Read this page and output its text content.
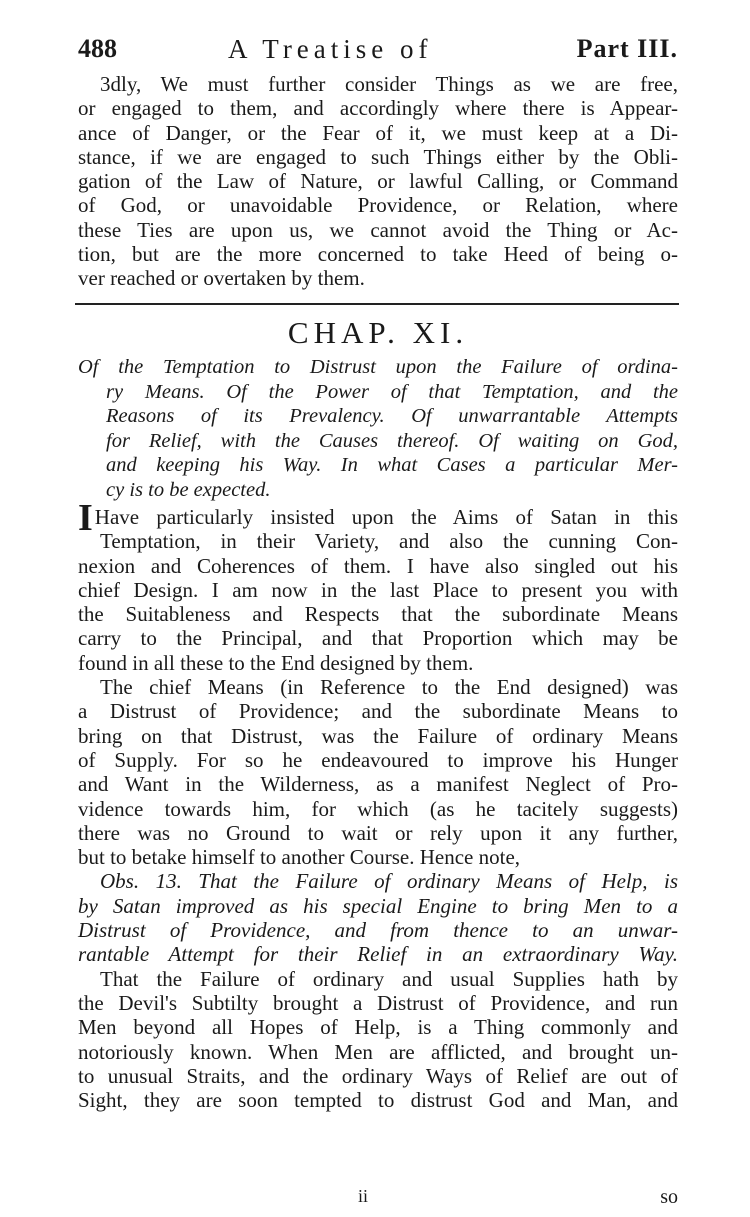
488	A Treatise of	Part III.
3dly, We must further consider Things as we are free,
or engaged to them, and accordingly where there is Appear-
ance of Danger, or the Fear of it, we must keep at a Di-
stance, if we are engaged to such Things either by the Obli-
gation of the Law of Nature, or lawful Calling, or Command
of God, or unavoidable Providence, or Relation, where
these Ties are upon us, we cannot avoid the Thing or Ac-
tion, but are the more concerned to take Heed of being o-
ver reached or overtaken by them.
CHAP. XI.
Of the Temptation to Distrust upon the Failure of ordina-
ry Means. Of the Power of that Temptation, and the
Reasons of its Prevalency. Of unwarrantable Attempts
for Relief, with the Causes thereof. Of waiting on God,
and keeping his Way. In what Cases a particular Mer-
cy is to be expected.
IHave particularly insisted upon the Aims of Satan in this
Temptation, in their Variety, and also the cunning Con-
nexion and Coherences of them. I have also singled out his
chief Design. I am now in the last Place to present you with
the Suitableness and Respects that the subordinate Means
carry to the Principal, and that Proportion which may be
found in all these to the End designed by them.
The chief Means (in Reference to the End designed) was
a Distrust of Providence; and the subordinate Means to
bring on that Distrust, was the Failure of ordinary Means
of Supply. For so he endeavoured to improve his Hunger
and Want in the Wilderness, as a manifest Neglect of Pro-
vidence towards him, for which (as he tacitely suggests)
there was no Ground to wait or rely upon it any further,
but to betake himself to another Course. Hence note,
Obs. 13. That the Failure of ordinary Means of Help, is
by Satan improved as his special Engine to bring Men to a
Distrust of Providence, and from thence to an unwar-
rantable Attempt for their Relief in an extraordinary Way.
That the Failure of ordinary and usual Supplies hath by
the Devil's Subtilty brought a Distrust of Providence, and run
Men beyond all Hopes of Help, is a Thing commonly and
notoriously known. When Men are afflicted, and brought un-
to unusual Straits, and the ordinary Ways of Relief are out of
Sight, they are soon tempted to distrust God and Man, and
ii	so
